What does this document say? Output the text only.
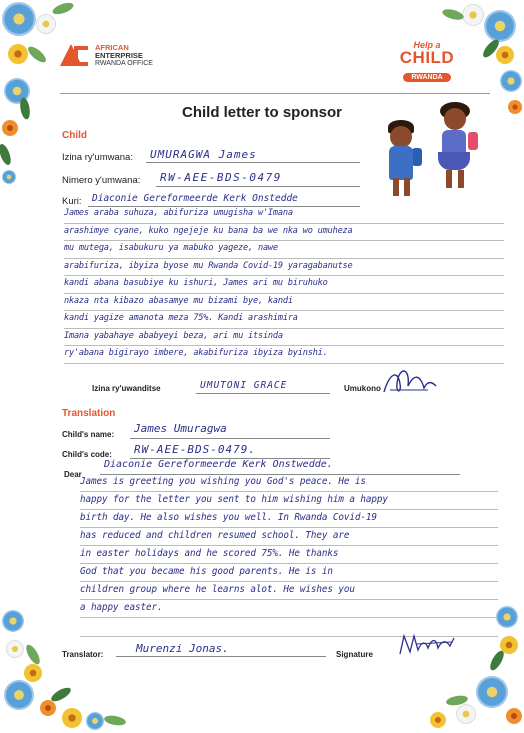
AFRICAN
ENTERPRISE
RWANDA OFFICE
Help a
CHILD
RWANDA
Child letter to sponsor
Child
Izina ry'umwana: UMURAGWA James
Nimero y'umwana: RW-AEE-BDS-0479
Kuri: Diaconie Gereformeerde Kerk Onstedde
James araba suhuza, abifuriza umugisha w'Imana
arashimye cyane, kuko ngejeje ku bana ba we nka wo umuheza
mu mutega, isabukuru ya mabuko yageze, nawe
arabifuriza, ibyiza byose mu Rwanda Covid-19 yaragabanutse
kandi abana basubiye ku ishuri, James ari mu biruhuko
nkaza nta kibazo abasamye mu bizami bye, kandi
kandi yagize amanota meza 75%. Kandi arashimira
Imana yabahaye ababyeyi beza, ari mu itsinda
ry'abana bigirayo imbere, akabifuriza ibyiza byinshi.
Izina ry'uwanditse	UMUTONI GRACE	Umukono
Translation
Child's name: James Umuragwa
Child's code: RW-AEE-BDS-0479.
Dear
Diaconie Gereformeerde Kerk Onstwedde.
James is greeting you wishing you God's peace. He is
happy for the letter you sent to him wishing him a happy
birth day. He also wishes you well. In Rwanda Covid-19
has reduced and children resumed school. They are
in easter holidays and he scored 75%. He thanks
God that you became his good parents. He is in
children group where he learns alot. He wishes you
a happy easter.
Translator:	Murenzi Jonas.	Signature
